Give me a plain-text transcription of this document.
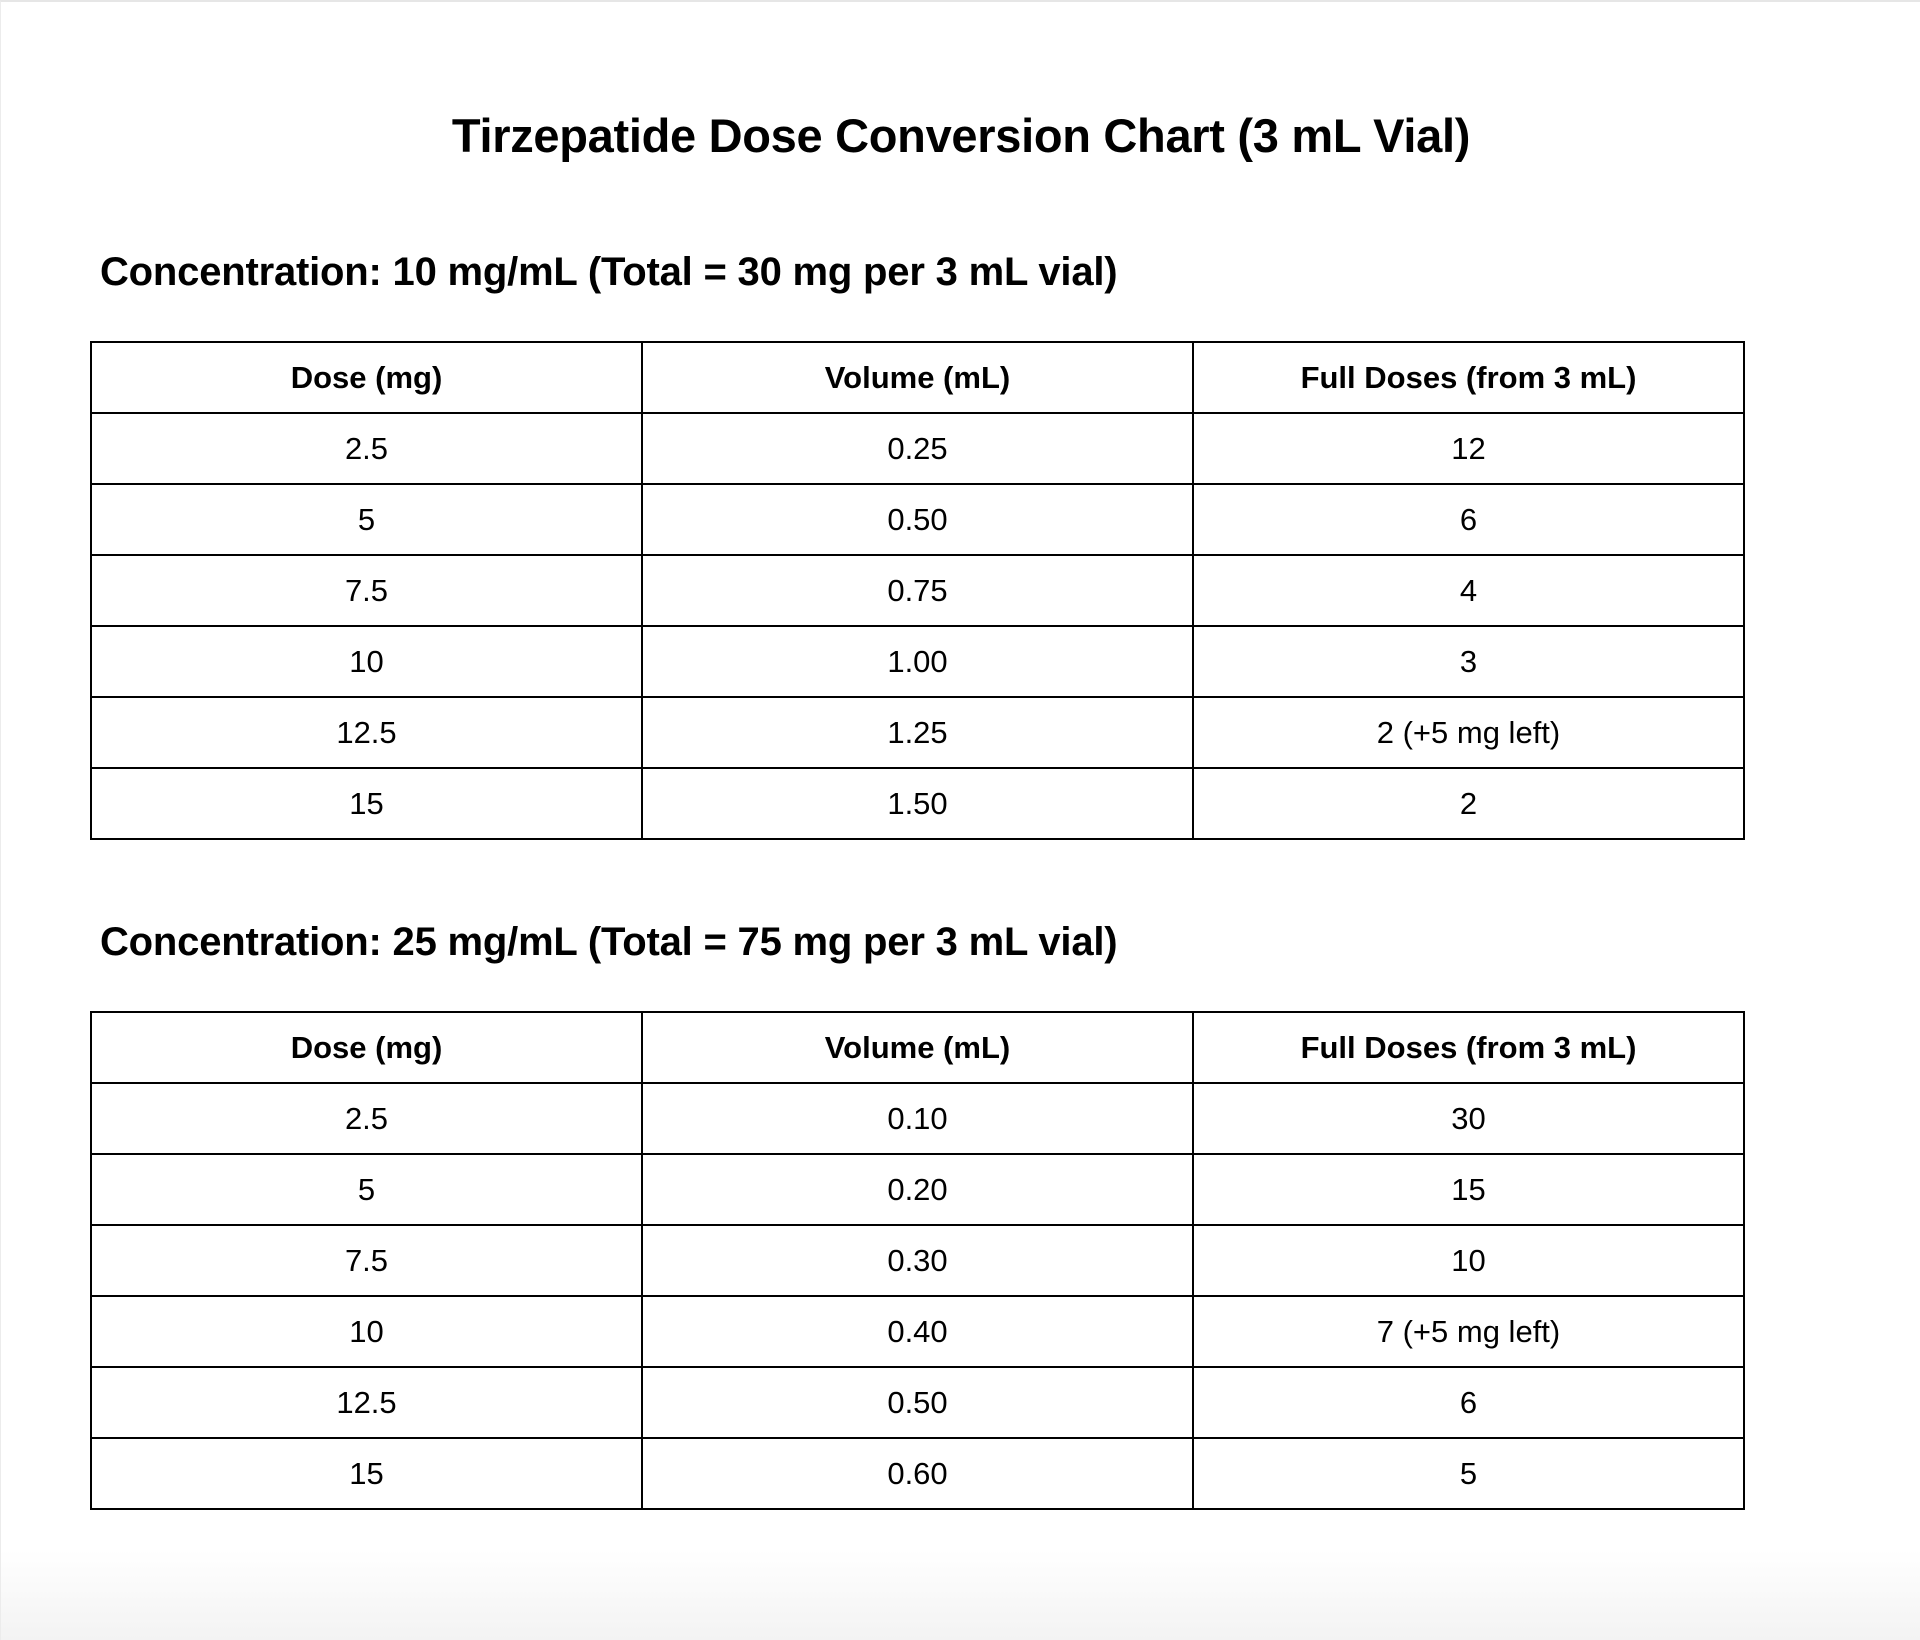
Tirzepatide Dose Conversion Chart (3 mL Vial)
Concentration: 10 mg/mL (Total = 30 mg per 3 mL vial)
Dose (mg)	Volume (mL)	Full Doses (from 3 mL)
2.5	0.25	12
5	0.50	6
7.5	0.75	4
10	1.00	3
12.5	1.25	2 (+5 mg left)
15	1.50	2
Concentration: 25 mg/mL (Total = 75 mg per 3 mL vial)
Dose (mg)	Volume (mL)	Full Doses (from 3 mL)
2.5	0.10	30
5	0.20	15
7.5	0.30	10
10	0.40	7 (+5 mg left)
12.5	0.50	6
15	0.60	5
